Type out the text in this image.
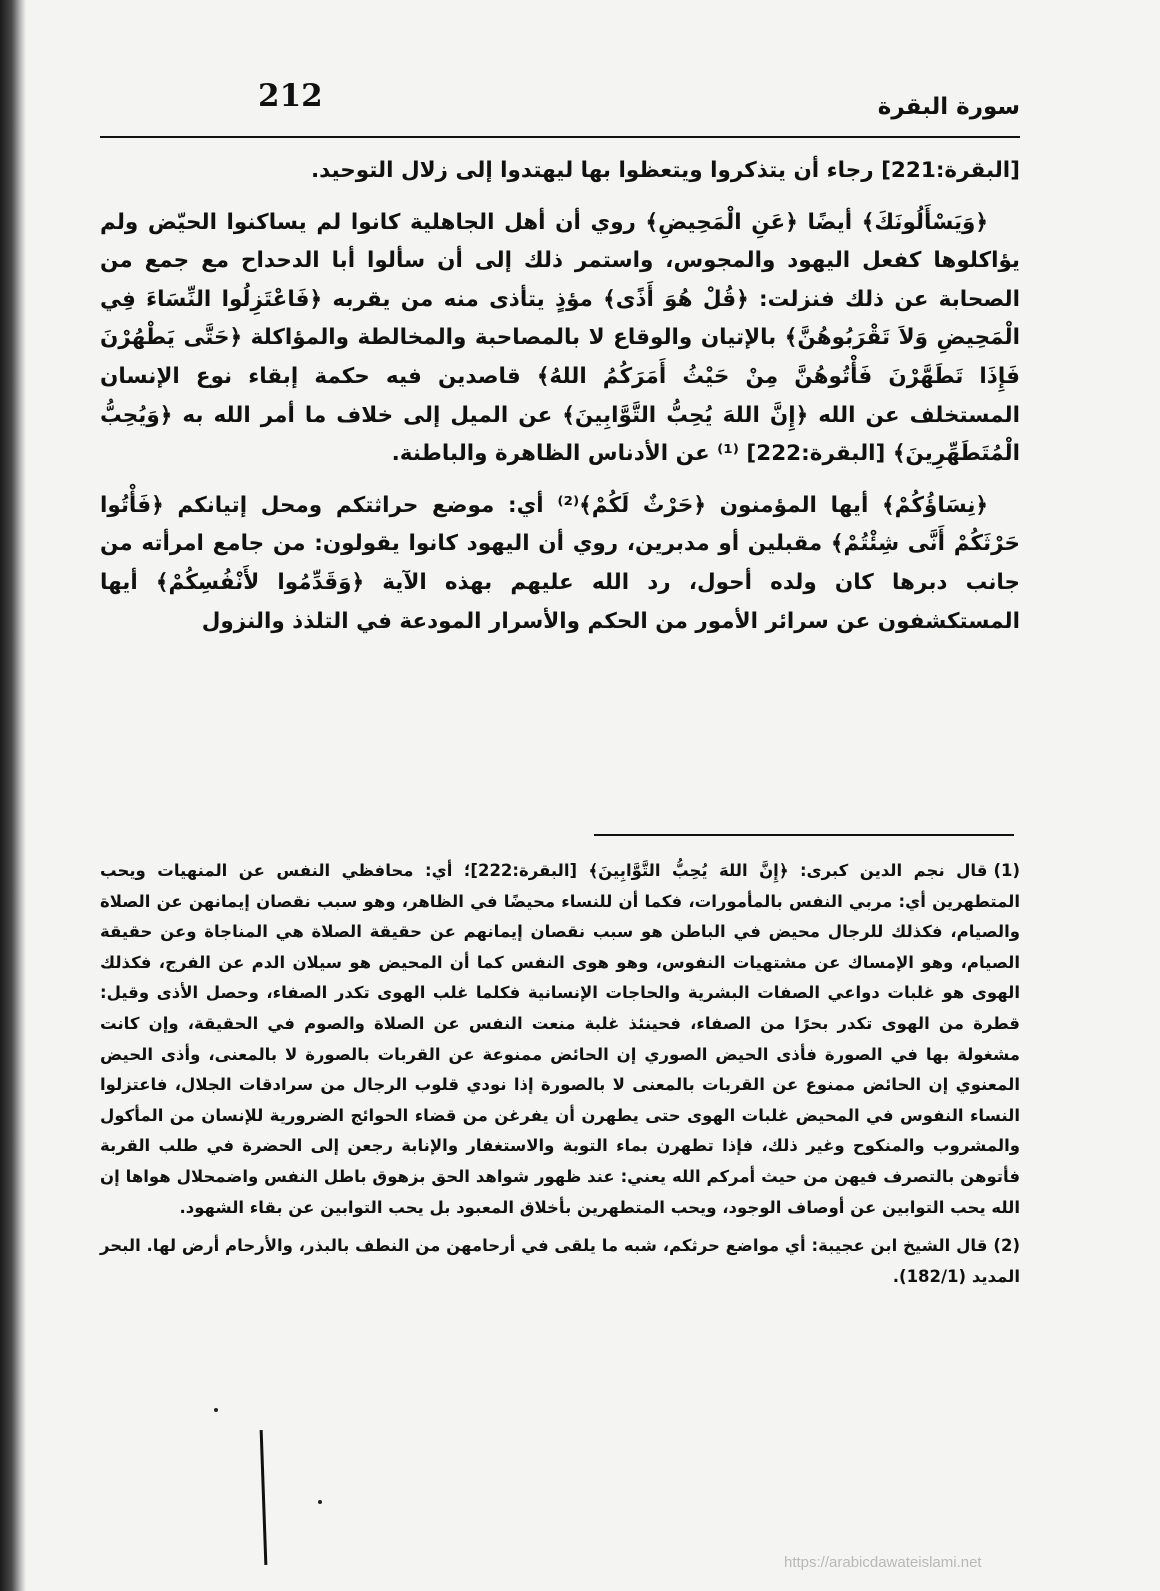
212	سورة البقرة

[البقرة:221] رجاء أن يتذكروا ويتعظوا بها ليهتدوا إلى زلال التوحيد.

﴿وَيَسْأَلُونَكَ﴾ أيضًا ﴿عَنِ الْمَحِيضِ﴾ روي أن أهل الجاهلية كانوا لم يساكنوا الحيّض ولم يؤاكلوها كفعل اليهود والمجوس، واستمر ذلك إلى أن سألوا أبا الدحداح مع جمع من الصحابة عن ذلك فنزلت: ﴿قُلْ هُوَ أَذًى﴾ مؤذٍ يتأذى منه من يقربه ﴿فَاعْتَزِلُوا النِّسَاءَ فِي الْمَحِيضِ وَلاَ تَقْرَبُوهُنَّ﴾ بالإتيان والوقاع لا بالمصاحبة والمخالطة والمؤاكلة ﴿حَتَّى يَطْهُرْنَ فَإِذَا تَطَهَّرْنَ فَأْتُوهُنَّ مِنْ حَيْثُ أَمَرَكُمُ اللهُ﴾ قاصدين فيه حكمة إبقاء نوع الإنسان المستخلف عن الله ﴿إِنَّ اللهَ يُحِبُّ التَّوَّابِينَ﴾ عن الميل إلى خلاف ما أمر الله به ﴿وَيُحِبُّ الْمُتَطَهِّرِينَ﴾ [البقرة:222] ⁽¹⁾ عن الأدناس الظاهرة والباطنة.

﴿نِسَاؤُكُمْ﴾ أيها المؤمنون ﴿حَرْثٌ لَكُمْ﴾⁽²⁾ أي: موضع حراثتكم ومحل إتيانكم ﴿فَأْتُوا حَرْثَكُمْ أَنَّى شِئْتُمْ﴾ مقبلين أو مدبرين، روي أن اليهود كانوا يقولون: من جامع امرأته من جانب دبرها كان ولده أحول، رد الله عليهم بهذه الآية ﴿وَقَدِّمُوا لأَنْفُسِكُمْ﴾ أيها المستكشفون عن سرائر الأمور من الحكم والأسرار المودعة في التلذذ والنزول

(1)قال نجم الدين كبرى: ﴿إِنَّ اللهَ يُحِبُّ التَّوَّابِينَ﴾ [البقرة:222]؛ أي: محافظي النفس عن المنهيات ويحب المتطهرين أي: مربي النفس بالمأمورات، فكما أن للنساء محيضًا في الظاهر، وهو سبب نقصان إيمانهن عن الصلاة والصيام، فكذلك للرجال محيض في الباطن هو سبب نقصان إيمانهم عن حقيقة الصلاة هي المناجاة وعن حقيقة الصيام، وهو الإمساك عن مشتهيات النفوس، وهو هوى النفس كما أن المحيض هو سيلان الدم عن الفرج، فكذلك الهوى هو غلبات دواعي الصفات البشرية والحاجات الإنسانية فكلما غلب الهوى تكدر الصفاء، وحصل الأذى وقيل: قطرة من الهوى تكدر بحرًا من الصفاء، فحينئذ غلبة منعت النفس عن الصلاة والصوم في الحقيقة، وإن كانت مشغولة بها في الصورة فأذى الحيض الصوري إن الحائض ممنوعة عن القربات بالصورة لا بالمعنى، وأذى الحيض المعنوي إن الحائض ممنوع عن القربات بالمعنى لا بالصورة إذا نودي قلوب الرجال من سرادقات الجلال، فاعتزلوا النساء النفوس في المحيض غلبات الهوى حتى يطهرن أن يفرغن من قضاء الحوائج الضرورية للإنسان من المأكول والمشروب والمنكوح وغير ذلك، فإذا تطهرن بماء التوبة والاستغفار والإنابة رجعن إلى الحضرة في طلب القربة فأتوهن بالتصرف فيهن من حيث أمركم الله يعني: عند ظهور شواهد الحق بزهوق باطل النفس واضمحلال هواها إن الله يحب التوابين عن أوصاف الوجود، ويحب المتطهرين بأخلاق المعبود بل يحب التوابين عن بقاء الشهود.
(2)قال الشيخ ابن عجيبة: أي مواضع حرثكم، شبه ما يلقى في أرحامهن من النطف بالبذر، والأرحام أرض لها. البحر المديد (182/1).
https://arabicdawateislami.net
